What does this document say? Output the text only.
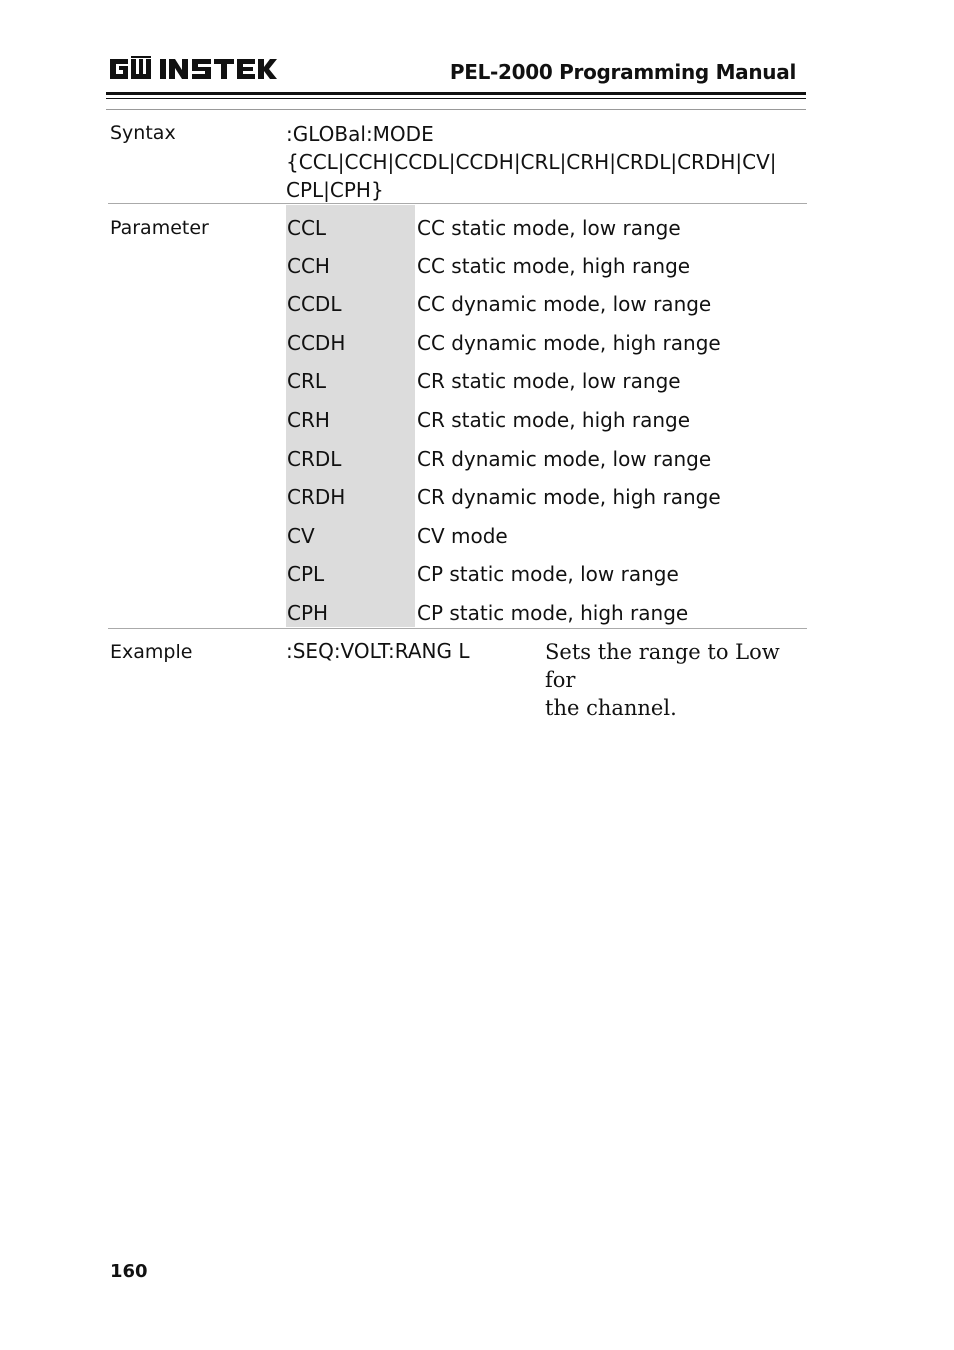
PEL-2000 Programming Manual
Syntax	:GLOBal:MODE
{CCL|CCH|CCDL|CCDH|CRL|CRH|CRDL|CRDH|CV|
CPL|CPH}
Parameter	CCL	CC static mode, low range
CCH	CC static mode, high range
CCDL	CC dynamic mode, low range
CCDH	CC dynamic mode, high range
CRL	CR static mode, low range
CRH	CR static mode, high range
CRDL	CR dynamic mode, low range
CRDH	CR dynamic mode, high range
CV	CV mode
CPL	CP static mode, low range
CPH	CP static mode, high range
Example	:SEQ:VOLT:RANG L	Sets the range to Low for
the channel.
160
